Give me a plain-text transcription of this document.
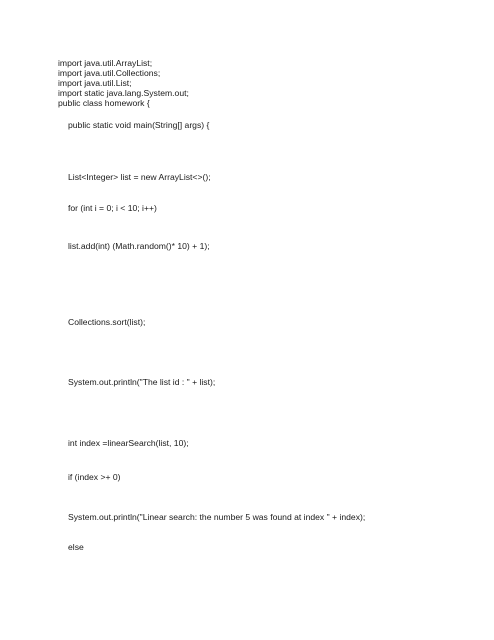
import java.util.ArrayList;
import java.util.Collections;
import java.util.List;
import static java.lang.System.out;
public class homework {
public static void main(String[] args) {
List<Integer> list = new ArrayList<>();
for (int i = 0; i < 10; i++)
list.add(int) (Math.random()* 10) + 1);
Collections.sort(list);
System.out.println("The list id : " + list);
int index =linearSearch(list, 10);
if (index >+ 0)
System.out.println("Linear search: the number 5 was found at index " + index);
else
